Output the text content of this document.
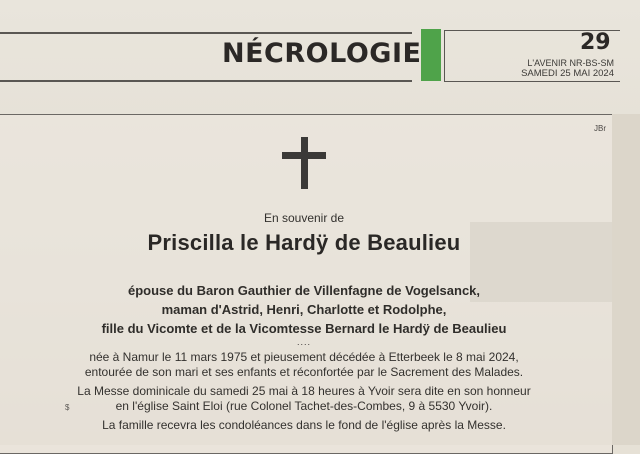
NÉCROLOGIE	29
L'AVENIR NR-BS-SM
SAMEDI 25 MAI 2024
JBr
En souvenir de
Priscilla le Hardÿ de Beaulieu
épouse du Baron Gauthier de Villenfagne de Vogelsanck,
maman d'Astrid, Henri, Charlotte et Rodolphe,
fille du Vicomte et de la Vicomtesse Bernard le Hardÿ de Beaulieu
....
née à Namur le 11 mars 1975 et pieusement décédée à Etterbeek le 8 mai 2024,
entourée de son mari et ses enfants et réconfortée par le Sacrement des Malades.
La Messe dominicale du samedi 25 mai à 18 heures à Yvoir sera dite en son honneur
en l'église Saint Eloi (rue Colonel Tachet-des-Combes, 9 à 5530 Yvoir).
$
La famille recevra les condoléances dans le fond de l'église après la Messe.
